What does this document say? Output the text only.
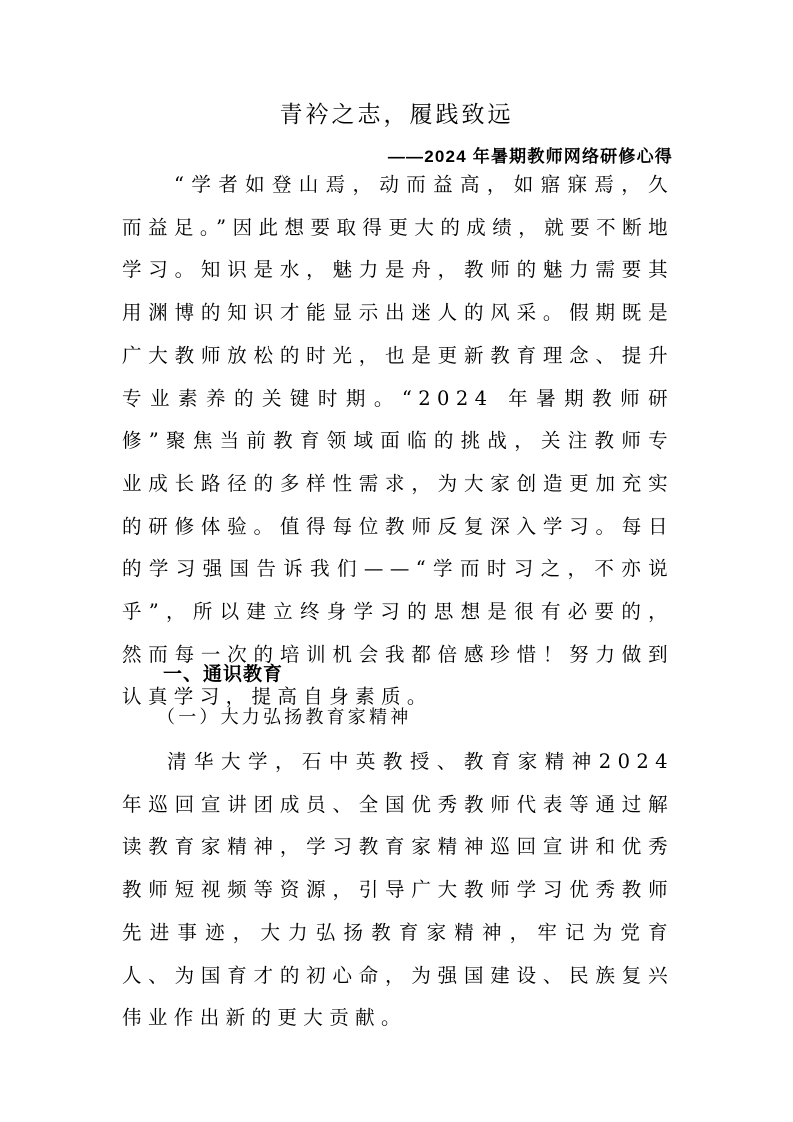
青衿之志，履践致远
——2024 年暑期教师网络研修心得

“学者如登山焉，动而益高，如寤寐焉，久而益足。”因此想要取得更大的成绩，就要不断地学习。知识是水，魅力是舟，教师的魅力需要其用渊博的知识才能显示出迷人的风采。假期既是广大教师放松的时光，也是更新教育理念、提升专业素养的关键时期。“2024 年暑期教师研修”聚焦当前教育领域面临的挑战，关注教师专业成长路径的多样性需求，为大家创造更加充实的研修体验。值得每位教师反复深入学习。每日的学习强国告诉我们——“学而时习之，不亦说乎”，所以建立终身学习的思想是很有必要的，然而每一次的培训机会我都倍感珍惜！努力做到认真学习，提高自身素质。

一、通识教育
（一）大力弘扬教育家精神

清华大学，石中英教授、教育家精神2024 年巡回宣讲团成员、全国优秀教师代表等通过解读教育家精神，学习教育家精神巡回宣讲和优秀教师短视频等资源，引导广大教师学习优秀教师先进事迹，大力弘扬教育家精神，牢记为党育人、为国育才的初心命，为强国建设、民族复兴伟业作出新的更大贡献。
